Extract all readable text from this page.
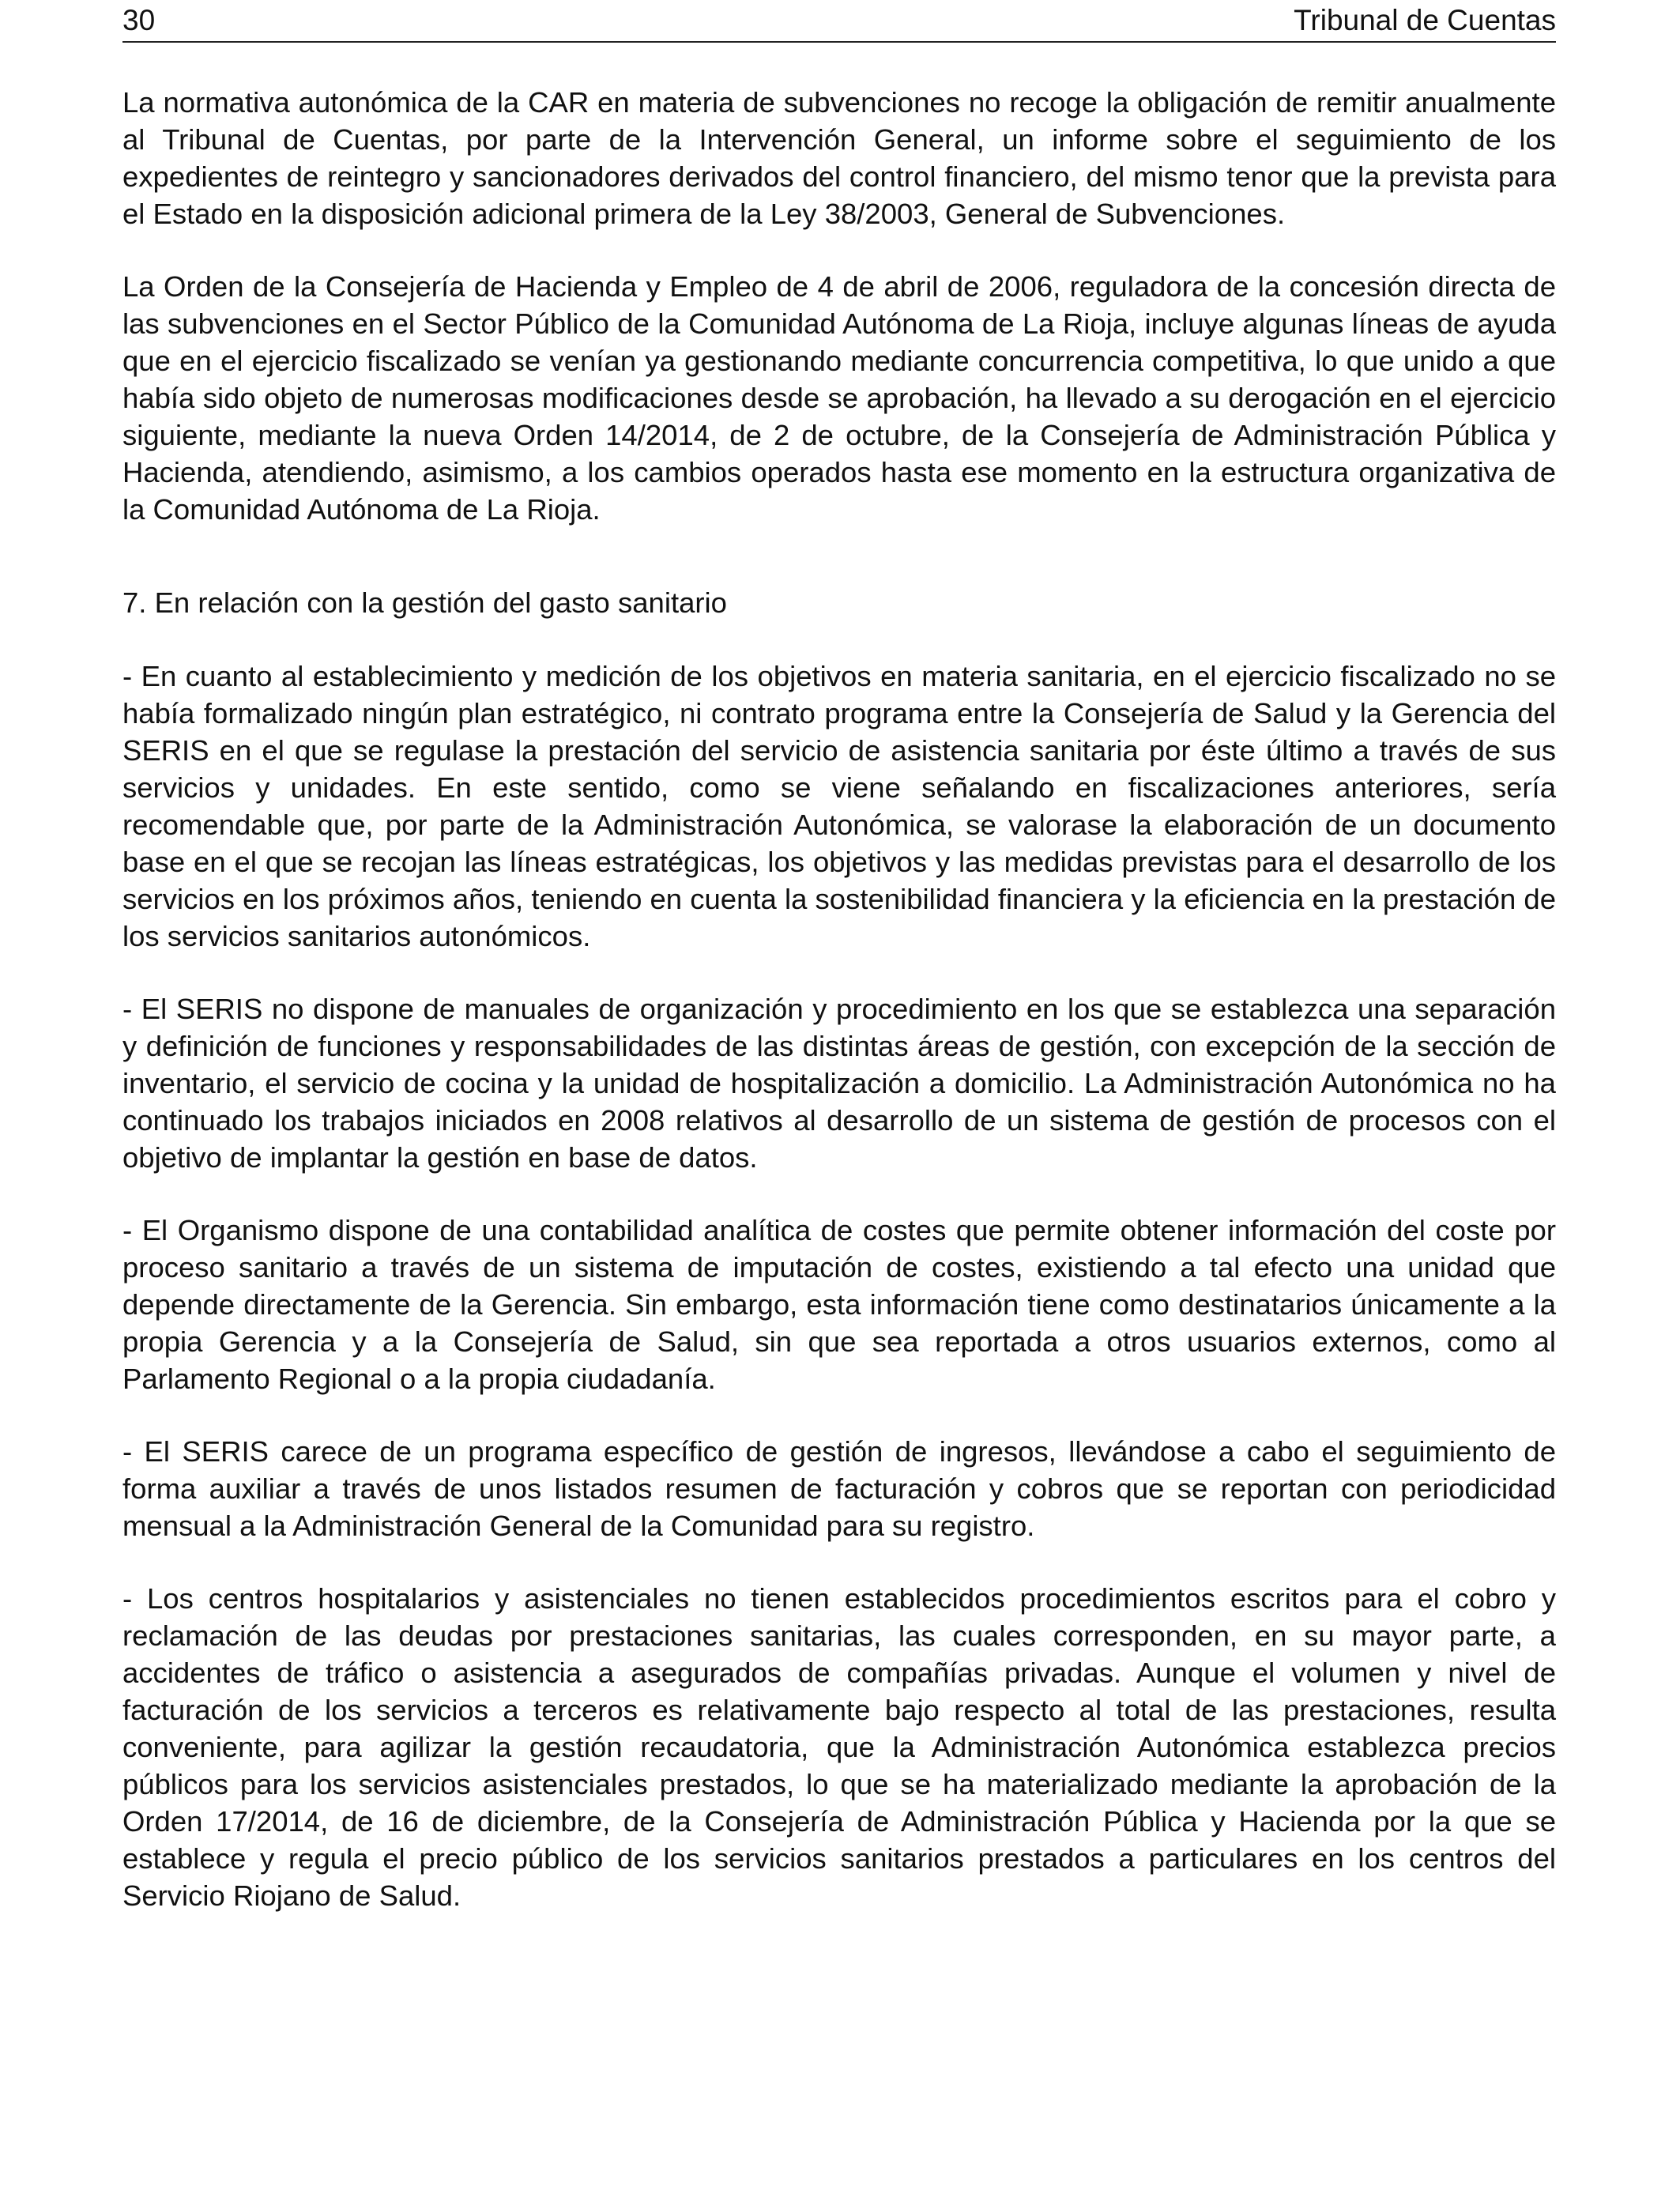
30	Tribunal de Cuentas

La normativa autonómica de la CAR en materia de subvenciones no recoge la obligación de remitir anualmente al Tribunal de Cuentas, por parte de la Intervención General, un informe sobre el seguimiento de los expedientes de reintegro y sancionadores derivados del control financiero, del mismo tenor que la prevista para el Estado en la disposición adicional primera de la Ley 38/2003, General de Subvenciones.

La Orden de la Consejería de Hacienda y Empleo de 4 de abril de 2006, reguladora de la concesión directa de las subvenciones en el Sector Público de la Comunidad Autónoma de La Rioja, incluye algunas líneas de ayuda que en el ejercicio fiscalizado se venían ya gestionando mediante concurrencia competitiva, lo que unido a que había sido objeto de numerosas modificaciones desde se aprobación, ha llevado a su derogación en el ejercicio siguiente, mediante la nueva Orden 14/2014, de 2 de octubre, de la Consejería de Administración Pública y Hacienda, atendiendo, asimismo, a los cambios operados hasta ese momento en la estructura organizativa de la Comunidad Autónoma de La Rioja.

7. En relación con la gestión del gasto sanitario

- En cuanto al establecimiento y medición de los objetivos en materia sanitaria, en el ejercicio fiscalizado no se había formalizado ningún plan estratégico, ni contrato programa entre la Consejería de Salud y la Gerencia del SERIS en el que se regulase la prestación del servicio de asistencia sanitaria por éste último a través de sus servicios y unidades. En este sentido, como se viene señalando en fiscalizaciones anteriores, sería recomendable que, por parte de la Administración Autonómica, se valorase la elaboración de un documento base en el que se recojan las líneas estratégicas, los objetivos y las medidas previstas para el desarrollo de los servicios en los próximos años, teniendo en cuenta la sostenibilidad financiera y la eficiencia en la prestación de los servicios sanitarios autonómicos.

- El SERIS no dispone de manuales de organización y procedimiento en los que se establezca una separación y definición de funciones y responsabilidades de las distintas áreas de gestión, con excepción de la sección de inventario, el servicio de cocina y la unidad de hospitalización a domicilio. La Administración Autonómica no ha continuado los trabajos iniciados en 2008 relativos al desarrollo de un sistema de gestión de procesos con el objetivo de implantar la gestión en base de datos.

- El Organismo dispone de una contabilidad analítica de costes que permite obtener información del coste por proceso sanitario a través de un sistema de imputación de costes, existiendo a tal efecto una unidad que depende directamente de la Gerencia. Sin embargo, esta información tiene como destinatarios únicamente a la propia Gerencia y a la Consejería de Salud, sin que sea reportada a otros usuarios externos, como al Parlamento Regional o a la propia ciudadanía.

- El SERIS carece de un programa específico de gestión de ingresos, llevándose a cabo el seguimiento de forma auxiliar a través de unos listados resumen de facturación y cobros que se reportan con periodicidad mensual a la Administración General de la Comunidad para su registro.

- Los centros hospitalarios y asistenciales no tienen establecidos procedimientos escritos para el cobro y reclamación de las deudas por prestaciones sanitarias, las cuales corresponden, en su mayor parte, a accidentes de tráfico o asistencia a asegurados de compañías privadas. Aunque el volumen y nivel de facturación de los servicios a terceros es relativamente bajo respecto al total de las prestaciones, resulta conveniente, para agilizar la gestión recaudatoria, que la Administración Autonómica establezca precios públicos para los servicios asistenciales prestados, lo que se ha materializado mediante la aprobación de la Orden 17/2014, de 16 de diciembre, de la Consejería de Administración Pública y Hacienda por la que se establece y regula el precio público de los servicios sanitarios prestados a particulares en los centros del Servicio Riojano de Salud.
